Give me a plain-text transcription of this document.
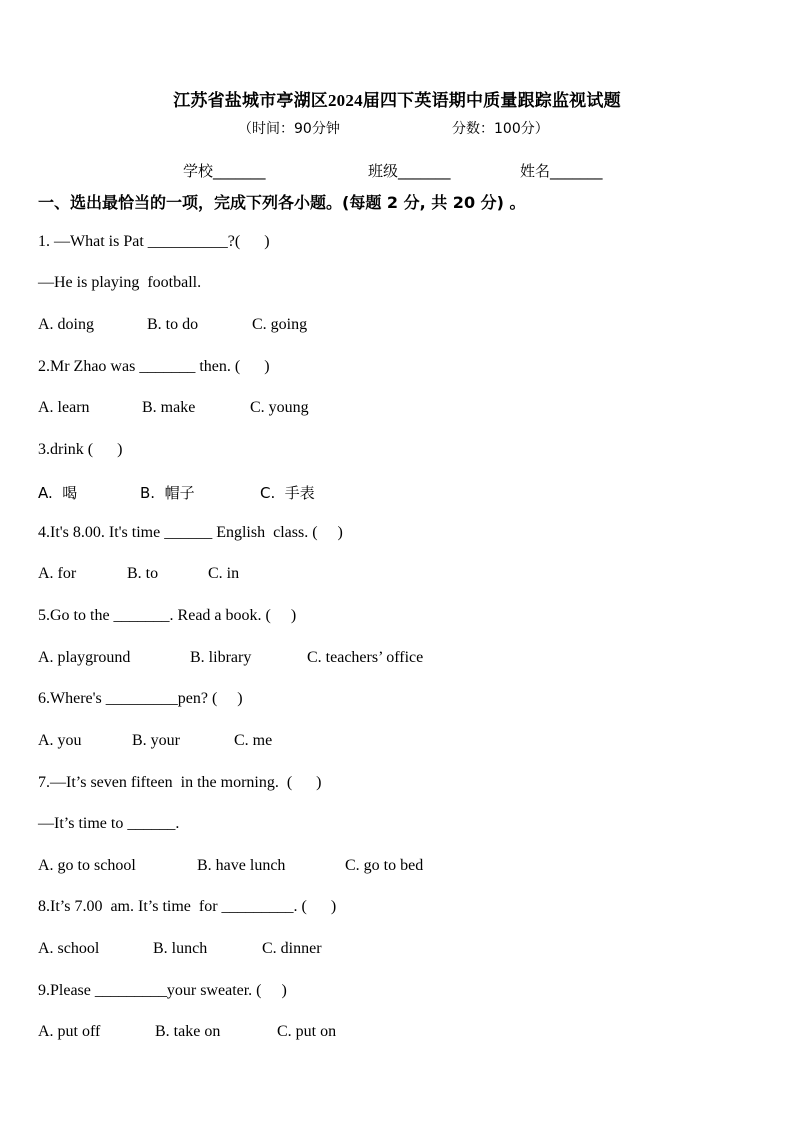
江苏省盐城市亭湖区2024届四下英语期中质量跟踪监视试题
（时间：90分钟	分数：100分）
学校_______	班级_______	姓名_______
一、选出最恰当的一项，完成下列各小题。(每题 2 分, 共 20 分) 。
1. —What is Pat __________?(      )
—He is playing  football.
A. doing	B. to do	C. going
2.Mr Zhao was _______ then. (      )
A. learn	B. make	C. young
3.drink (      )
A.  喝	B.  帽子	C.  手表
4.It's 8.00. It's time ______ English  class. (     )
A. for	B. to	C. in
5.Go to the _______. Read a book. (     )
A. playground	B. library	C. teachers’ office
6.Where's _________pen? (     )
A. you	B. your	C. me
7.—It’s seven fifteen  in the morning.  (      )
—It’s time to ______.
A. go to school	B. have lunch	C. go to bed
8.It’s 7.00  am. It’s time  for _________. (      )
A. school	B. lunch	C. dinner
9.Please _________your sweater. (     )
A. put off	B. take on	C. put on
